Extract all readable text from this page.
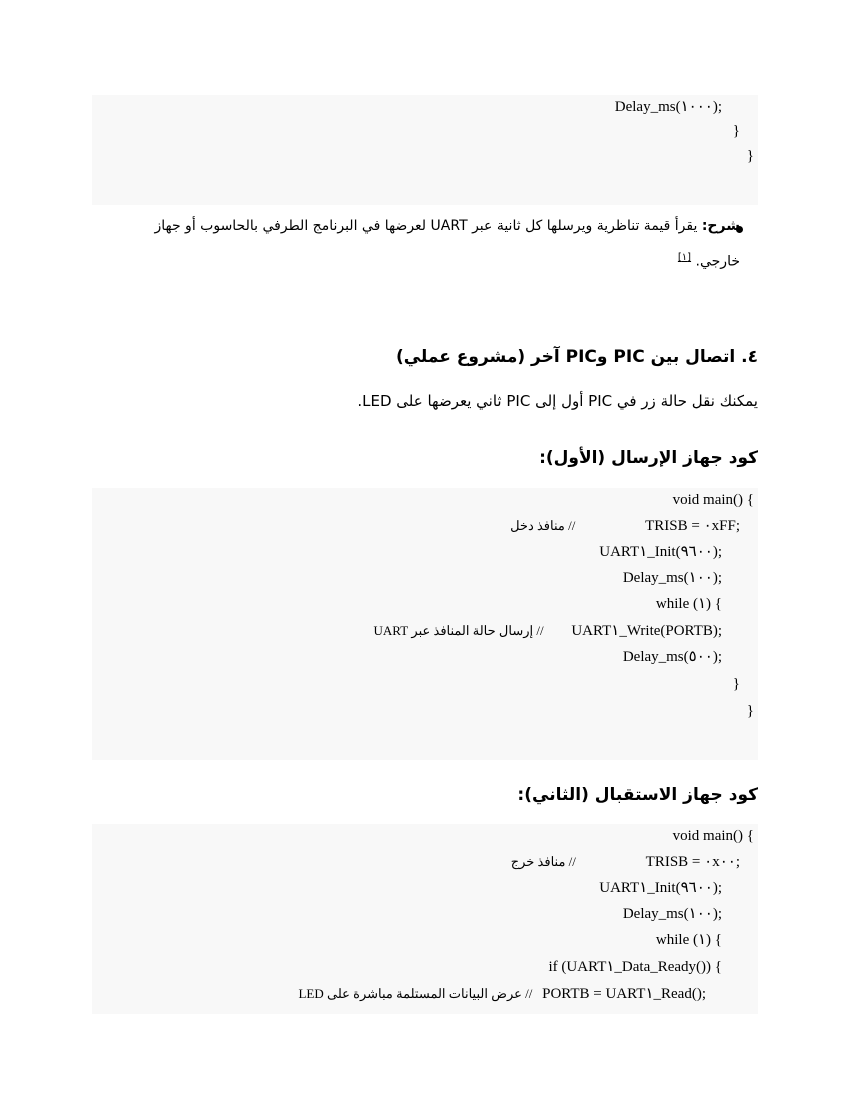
Delay_ms(١٠٠٠);
}
}
شرح: يقرأ قيمة تناظرية ويرسلها كل ثانية عبر UART لعرضها في البرنامج الطرفي بالحاسوب أو جهاز خارجي. [١]
٤. اتصال بين PIC وPIC آخر (مشروع عملي)
يمكنك نقل حالة زر في PIC أول إلى PIC ثاني يعرضها على LED.
كود جهاز الإرسال (الأول):
void main() {
TRISB = ٠xFF; // منافذ دخل
UART١_Init(٩٦٠٠);
Delay_ms(١٠٠);
while (١) {
UART١_Write(PORTB); // إرسال حالة المنافذ عبر UART
Delay_ms(٥٠٠);
}
}
كود جهاز الاستقبال (الثاني):
void main() {
TRISB = ٠x٠٠; // منافذ خرج
UART١_Init(٩٦٠٠);
Delay_ms(١٠٠);
while (١) {
if (UART١_Data_Ready()) {
PORTB = UART١_Read(); // عرض البيانات المستلمة مباشرة على LED
